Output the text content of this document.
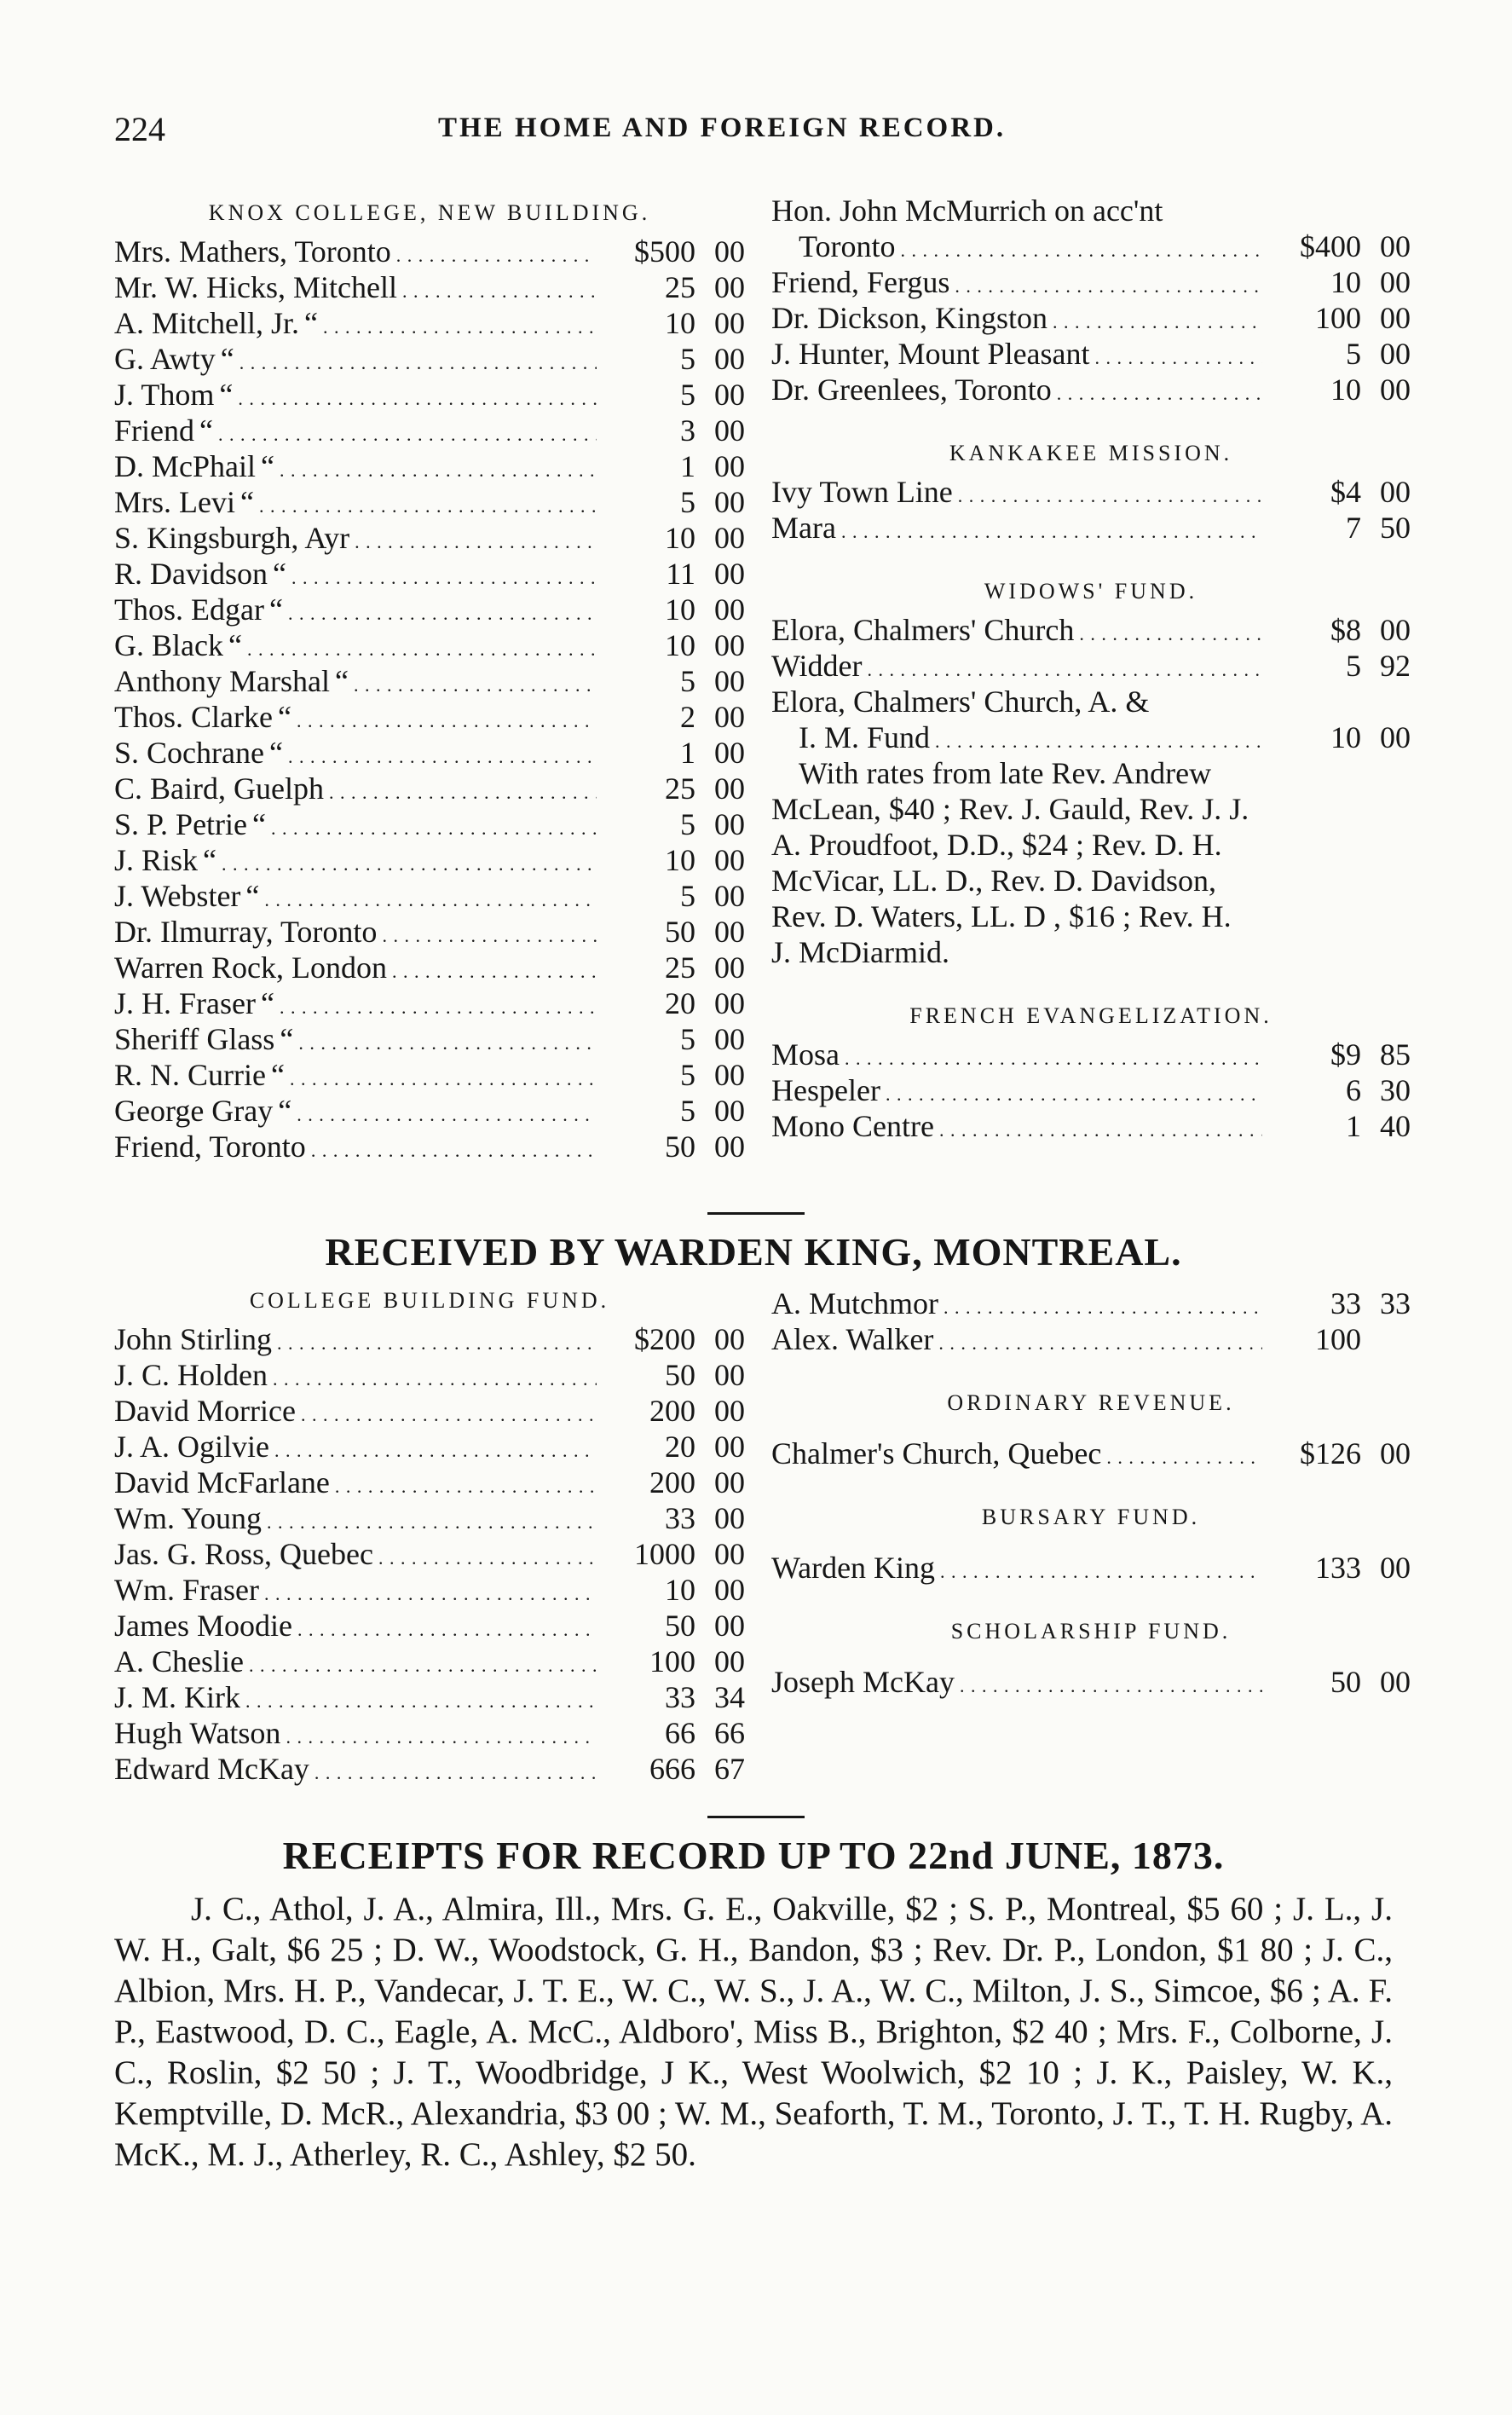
224	THE HOME AND FOREIGN RECORD.
KNOX COLLEGE, NEW BUILDING.
Mrs. Mathers, Toronto . . .	$500 00
Mr. W. Hicks, Mitchell . . .	25 00
A. Mitchell, Jr. “ . . .	10 00
G. Awty “ . . .	5 00
J. Thom “ . . .	5 00
Friend “ . . .	3 00
D. McPhail “ . . .	1 00
Mrs. Levi “ . . .	5 00
S. Kingsburgh, Ayr . . .	10 00
R. Davidson “ . . .	11 00
Thos. Edgar “ . . .	10 00
G. Black “ . . .	10 00
Anthony Marshal “ . . .	5 00
Thos. Clarke “ . . .	2 00
S. Cochrane “ . . .	1 00
C. Baird, Guelph . . .	25 00
S. P. Petrie “ . . .	5 00
J. Risk “ . . .	10 00
J. Webster “ . . .	5 00
Dr. Ilmurray, Toronto . . .	50 00
Warren Rock, London . . .	25 00
J. H. Fraser “ . . .	20 00
Sheriff Glass “ . . .	5 00
R. N. Currie “ . . .	5 00
George Gray “ . . .	5 00
Friend, Toronto . . .	50 00
Hon. John McMurrich on acc'nt
Toronto . . .	$400 00
Friend, Fergus . . .	10 00
Dr. Dickson, Kingston . . .	100 00
J. Hunter, Mount Pleasant . . .	5 00
Dr. Greenlees, Toronto . . .	10 00
KANKAKEE MISSION.
Ivy Town Line . . .	$4 00
Mara . . .	7 50
WIDOWS' FUND.
Elora, Chalmers' Church . . .	$8 00
Widder . . .	5 92
Elora, Chalmers' Church, A. &
I. M. Fund . . .	10 00
With rates from late Rev. Andrew
McLean, $40 ; Rev. J. Gauld, Rev. J. J.
A. Proudfoot, D.D., $24 ; Rev. D. H.
McVicar, LL. D., Rev. D. Davidson,
Rev. D. Waters, LL. D , $16 ; Rev. H.
J. McDiarmid.
FRENCH EVANGELIZATION.
Mosa . . .	$9 85
Hespeler . . .	6 30
Mono Centre . . .	1 40
RECEIVED BY WARDEN KING, MONTREAL.
COLLEGE BUILDING FUND.
John Stirling . . .	$200 00
J. C. Holden . . .	50 00
David Morrice . . .	200 00
J. A. Ogilvie . . .	20 00
David McFarlane . . .	200 00
Wm. Young . . .	33 00
Jas. G. Ross, Quebec . . .	1000 00
Wm. Fraser . . .	10 00
James Moodie . . .	50 00
A. Cheslie . . .	100 00
J. M. Kirk . . .	33 34
Hugh Watson . . .	66 66
Edward McKay . . .	666 67
A. Mutchmor . . .	33 33
Alex. Walker . . .	100
ORDINARY REVENUE.
Chalmer's Church, Quebec . . .	$126 00
BURSARY FUND.
Warden King . . .	133 00
SCHOLARSHIP FUND.
Joseph McKay . . .	50 00
RECEIPTS FOR RECORD UP TO 22nd JUNE, 1873.
J. C., Athol, J. A., Almira, Ill., Mrs. G. E., Oakville, $2 ; S. P., Montreal, $5 60 ; J. L., J. W. H., Galt, $6 25 ; D. W., Woodstock, G. H., Bandon, $3 ; Rev. Dr. P., London, $1 80 ; J. C., Albion, Mrs. H. P., Vandecar, J. T. E., W. C., W. S., J. A., W. C., Milton, J. S., Simcoe, $6 ; A. F. P., Eastwood, D. C., Eagle, A. McC., Aldboro', Miss B., Brighton, $2 40 ; Mrs. F., Colborne, J. C., Roslin, $2 50 ; J. T., Woodbridge, J K., West Woolwich, $2 10 ; J. K., Paisley, W. K., Kemptville, D. McR., Alexandria, $3 00 ; W. M., Seaforth, T. M., Toronto, J. T., T. H. Rugby, A. McK., M. J., Atherley, R. C., Ashley, $2 50.
